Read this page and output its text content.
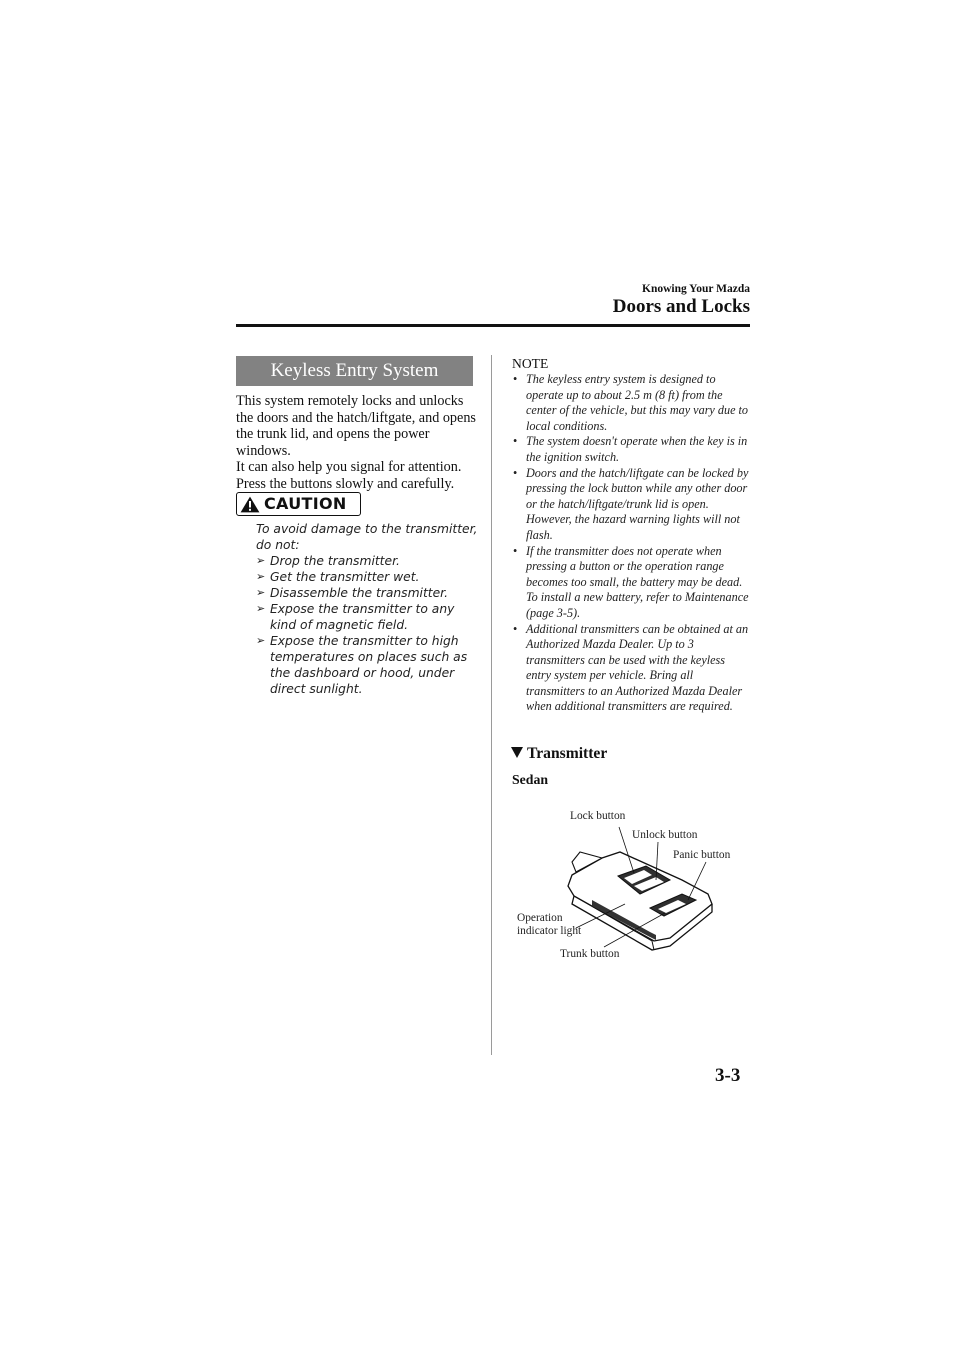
Knowing Your Mazda
Doors and Locks
Keyless Entry System

This system remotely locks and unlocks the doors and the hatch/liftgate, and opens the trunk lid, and opens the power windows.

It can also help you signal for attention. Press the buttons slowly and carefully.

CAUTION

To avoid damage to the transmitter, do not:

➢ Drop the transmitter.
➢ Get the transmitter wet.
➢ Disassemble the transmitter.
➢ Expose the transmitter to any kind of magnetic field.
➢ Expose the transmitter to high temperatures on places such as the dashboard or hood, under direct sunlight.
NOTE
• The keyless entry system is designed to operate up to about 2.5 m (8 ft) from the center of the vehicle, but this may vary due to local conditions.
• The system doesn't operate when the key is in the ignition switch.
• Doors and the hatch/liftgate can be locked by pressing the lock button while any other door or the hatch/liftgate/trunk lid is open. However, the hazard warning lights will not flash.
• If the transmitter does not operate when pressing a button or the operation range becomes too small, the battery may be dead. To install a new battery, refer to Maintenance (page 3-5).
• Additional transmitters can be obtained at an Authorized Mazda Dealer. Up to 3 transmitters can be used with the keyless entry system per vehicle. Bring all transmitters to an Authorized Mazda Dealer when additional transmitters are required.
Transmitter
Sedan
Lock button
Unlock button
Panic button
Operation
indicator light
Trunk button
3-3
